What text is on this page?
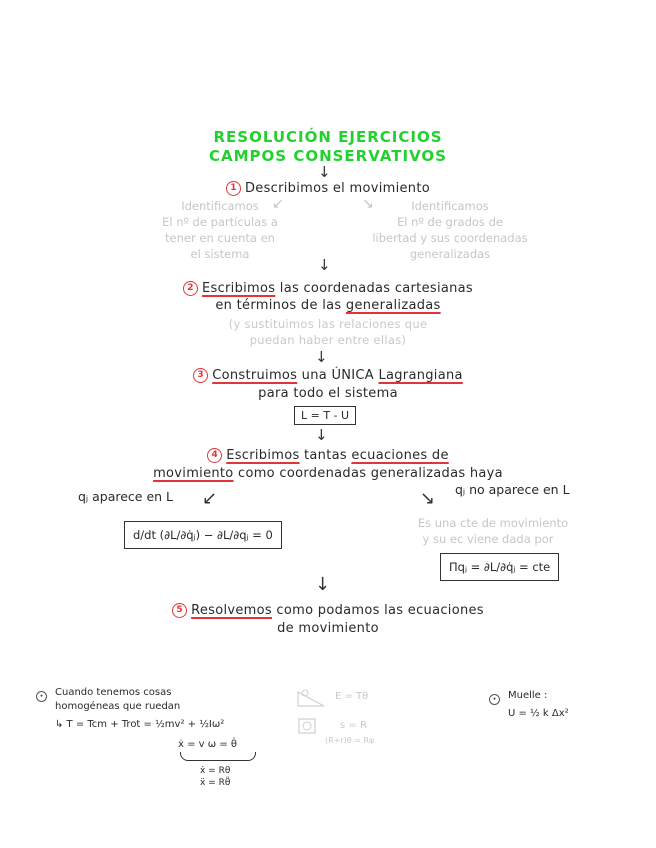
RESOLUCIÓN EJERCICIOS
CAMPOS CONSERVATIVOS
↓
1 Describimos el movimiento
Identificamos
El nº de partículas a
tener en cuenta en
el sistema
↙	↘	Identificamos
El nº de grados de
libertad y sus coordenadas
generalizadas
↓
2 Escribimos las coordenadas cartesianas
en términos de las generalizadas
(y sustituimos las relaciones que
puedan haber entre ellas)
↓
3 Construimos una ÚNICA Lagrangiana
para todo el sistema
L = T - U
↓
4 Escribimos tantas ecuaciones de
movimiento como coordenadas generalizadas haya
qⱼ aparece en L ↙	↘ qⱼ no aparece en L
d/dt (∂L/∂q̇ⱼ) − ∂L/∂qⱼ = 0
Es una cte de movimiento
y su ec viene dada por
Πqⱼ = ∂L/∂q̇ⱼ = cte
↓
5 Resolvemos como podamos las ecuaciones
de movimiento
•	Cuando tenemos cosas
homogéneas que ruedan
↳ T = Tcm + Trot = ½mv² + ½Iω²
ẋ = v ω = θ̇
ẋ = Rθ
ẍ = Rθ̈
E = Tθ
s = R
(R+r)θ = Rφ
•	Muelle :
U = ½ k Δx²
